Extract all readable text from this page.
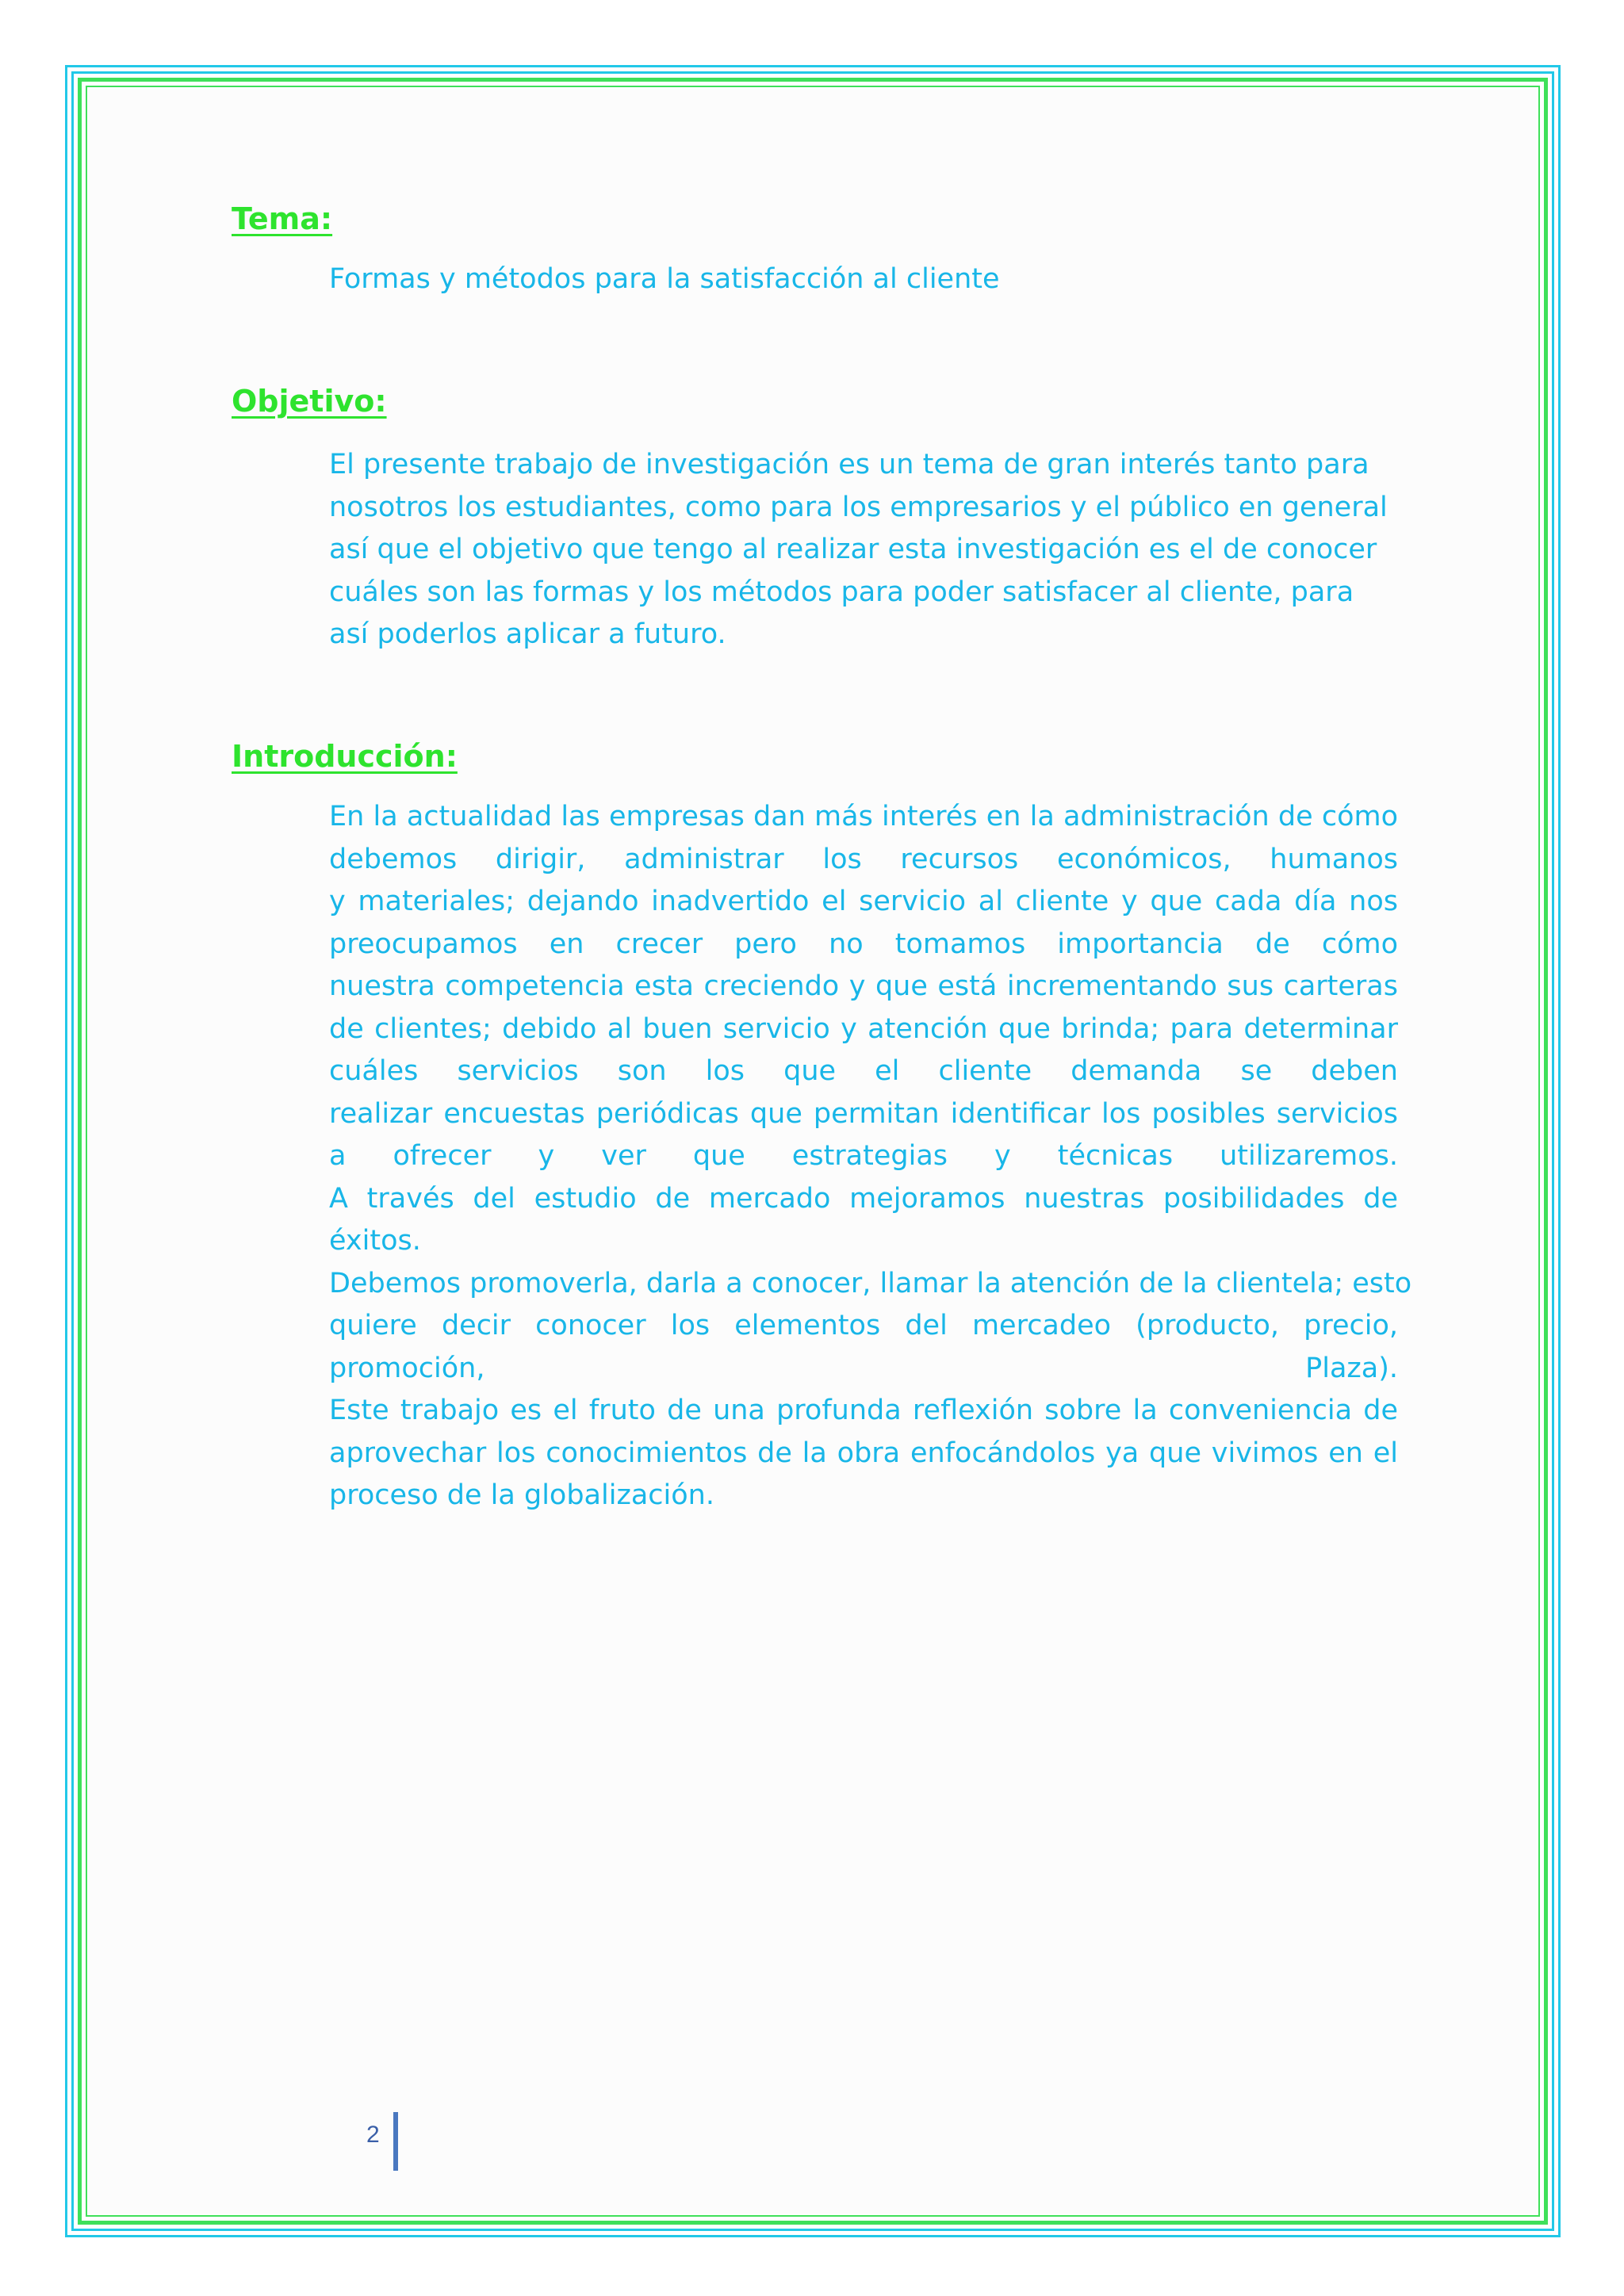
Tema:

Formas y métodos para la satisfacción al cliente

Objetivo:
El presente trabajo de investigación es un tema de gran interés tanto para
nosotros los estudiantes, como para los empresarios y el público en general
así que el objetivo que tengo al realizar esta investigación es el de conocer
cuáles son las formas y los métodos para poder satisfacer al cliente, para
así poderlos aplicar a futuro.
Introducción:
En la actualidad las empresas dan más interés en la administración de cómo
debemos dirigir, administrar los recursos económicos, humanos
y materiales; dejando inadvertido el servicio al cliente y que cada día nos
preocupamos en crecer pero no tomamos importancia de cómo
nuestra competencia esta creciendo y que está incrementando sus carteras
de clientes; debido al buen servicio y atención que brinda; para determinar
cuáles servicios son los que el cliente demanda se deben
realizar encuestas periódicas que permitan identificar los posibles servicios
a ofrecer y ver que estrategias y técnicas utilizaremos.
A través del estudio de mercado mejoramos nuestras posibilidades de
éxitos.
Debemos promoverla, darla a conocer, llamar la atención de la clientela; esto
quiere decir conocer los elementos del mercadeo (producto, precio,
promoción, Plaza).
Este trabajo es el fruto de una profunda reflexión sobre la conveniencia de
aprovechar los conocimientos de la obra enfocándolos ya que vivimos en el
proceso de la globalización.
2
